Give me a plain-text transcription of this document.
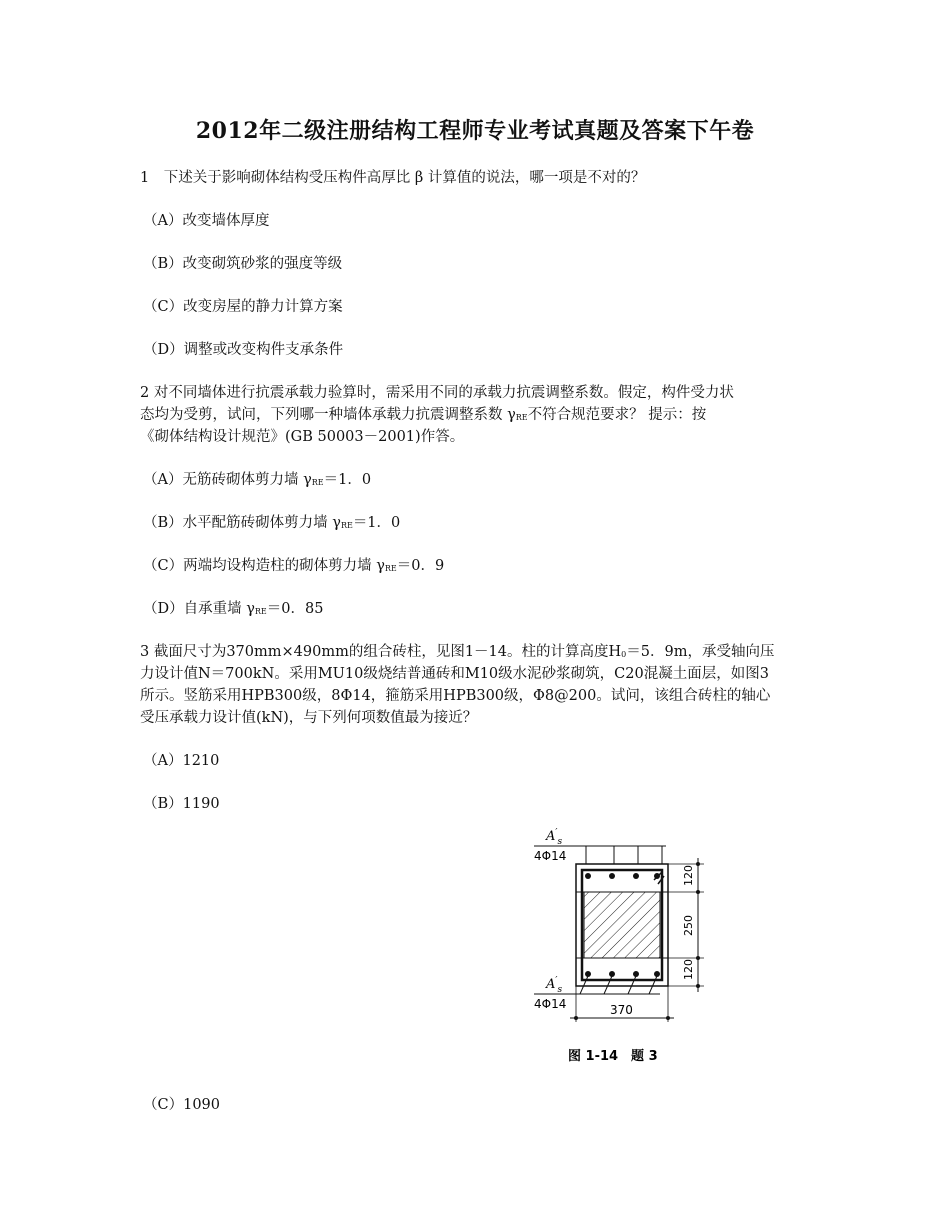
2012年二级注册结构工程师专业考试真题及答案下午卷
1　下述关于影响砌体结构受压构件高厚比 β 计算值的说法，哪一项是不对的？
（A）改变墙体厚度
（B）改变砌筑砂浆的强度等级
（C）改变房屋的静力计算方案
（D）调整或改变构件支承条件
2 对不同墙体进行抗震承载力验算时，需采用不同的承载力抗震调整系数。假定，构件受力状
态均为受剪，试问，下列哪一种墙体承载力抗震调整系数 γRE不符合规范要求？ 提示：按
《砌体结构设计规范》(GB 50003－2001)作答。
（A）无筋砖砌体剪力墙 γRE＝1．0
（B）水平配筋砖砌体剪力墙 γRE＝1．0
（C）两端均设构造柱的砌体剪力墙 γRE＝0．9
（D）自承重墙 γRE＝0．85
3 截面尺寸为370mm×490mm的组合砖柱，见图1－14。柱的计算高度H0＝5．9m，承受轴向压
力设计值N＝700kN。采用MU10级烧结普通砖和M10级水泥砂浆砌筑，C20混凝土面层，如图3
所示。竖筋采用HPB300级，8Φ14，箍筋采用HPB300级，Φ8@200。试问，该组合砖柱的轴心
受压承载力设计值(kN)，与下列何项数值最为接近？
（A）1210
（B）1190
$A'_s$
4Φ14
$A'_s$
4Φ14
120
250
120
370
图 1-14　题 3
（C）1090
